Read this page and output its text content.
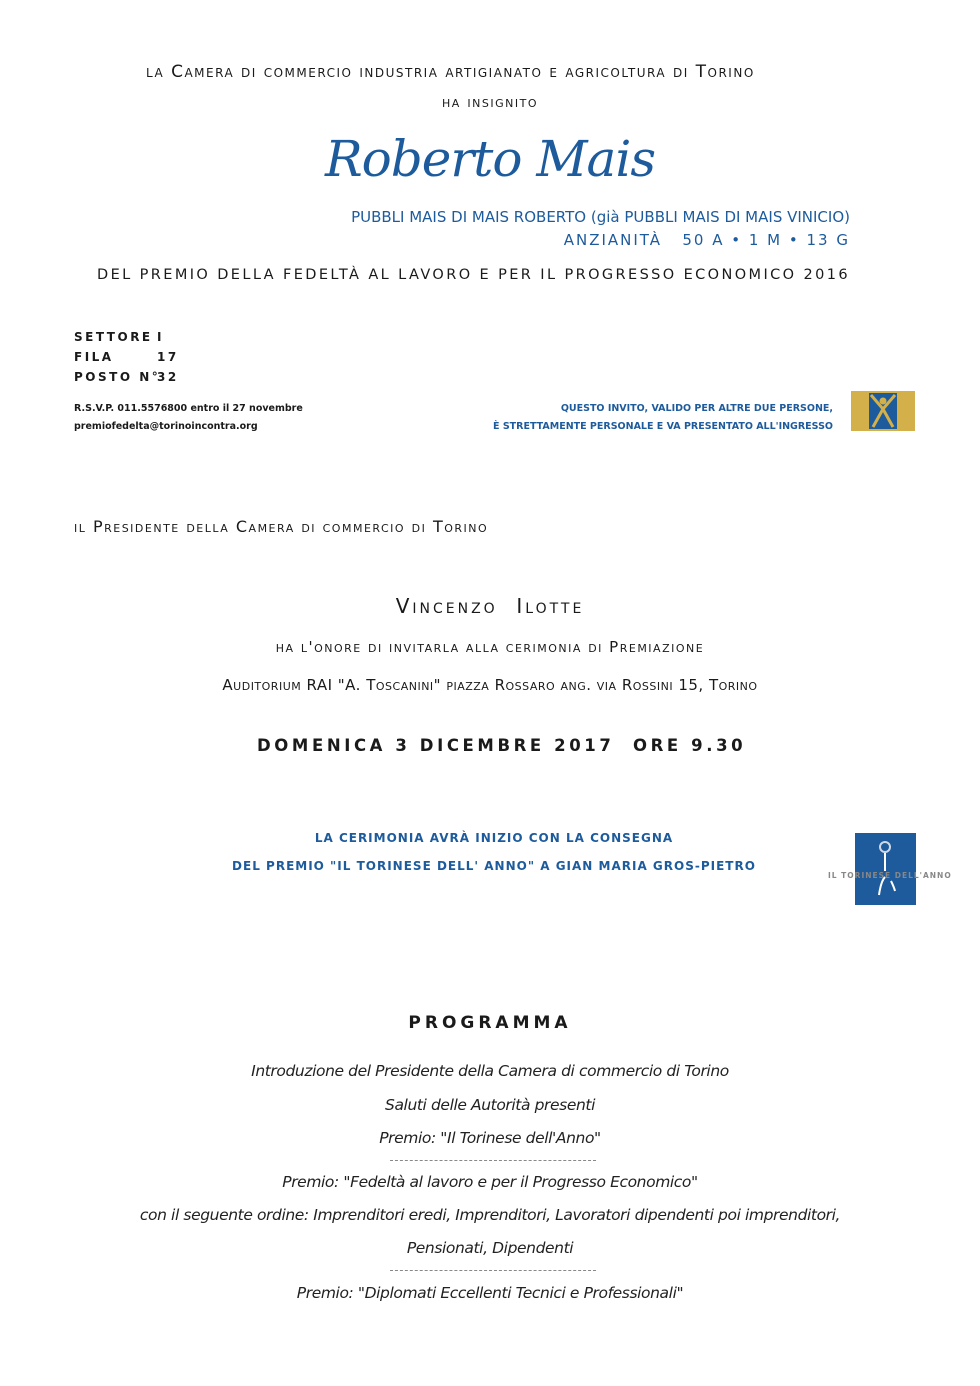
la Camera di commercio industria artigianato e agricoltura di Torino
ha insignito
Roberto Mais
PUBBLI MAIS DI MAIS ROBERTO (già PUBBLI MAIS DI MAIS VINICIO)
ANZIANITÀ   50 A • 1 M • 13 G
DEL PREMIO DELLA FEDELTÀ AL LAVORO E PER IL PROGRESSO ECONOMICO 2016
SETTORE I
FILA	17
POSTO N°
32
R.S.V.P. 011.5576800 entro il 27 novembre
premiofedelta@torinoincontra.org
QUESTO INVITO, VALIDO PER ALTRE DUE PERSONE,
È STRETTAMENTE PERSONALE E VA PRESENTATO ALL'INGRESSO
il Presidente della Camera di commercio di Torino
Vincenzo  Ilotte
ha l'onore di invitarla alla cerimonia di Premiazione
Auditorium RAI "A. Toscanini" piazza Rossaro ang. via Rossini 15, Torino
DOMENICA 3 DICEMBRE 2017 ORE 9.30
LA CERIMONIA AVRÀ INIZIO CON LA CONSEGNA
DEL PREMIO "IL TORINESE DELL' ANNO" A GIAN MARIA GROS-PIETRO
IL TORINESE DELL'ANNO
PROGRAMMA
Introduzione del Presidente della Camera di commercio di Torino
Saluti delle Autorità presenti
Premio: "Il Torinese dell'Anno"
Premio: "Fedeltà al lavoro e per il Progresso Economico"
con il seguente ordine: Imprenditori eredi, Imprenditori, Lavoratori dipendenti poi imprenditori,
Pensionati, Dipendenti
Premio: "Diplomati Eccellenti Tecnici e Professionali"
